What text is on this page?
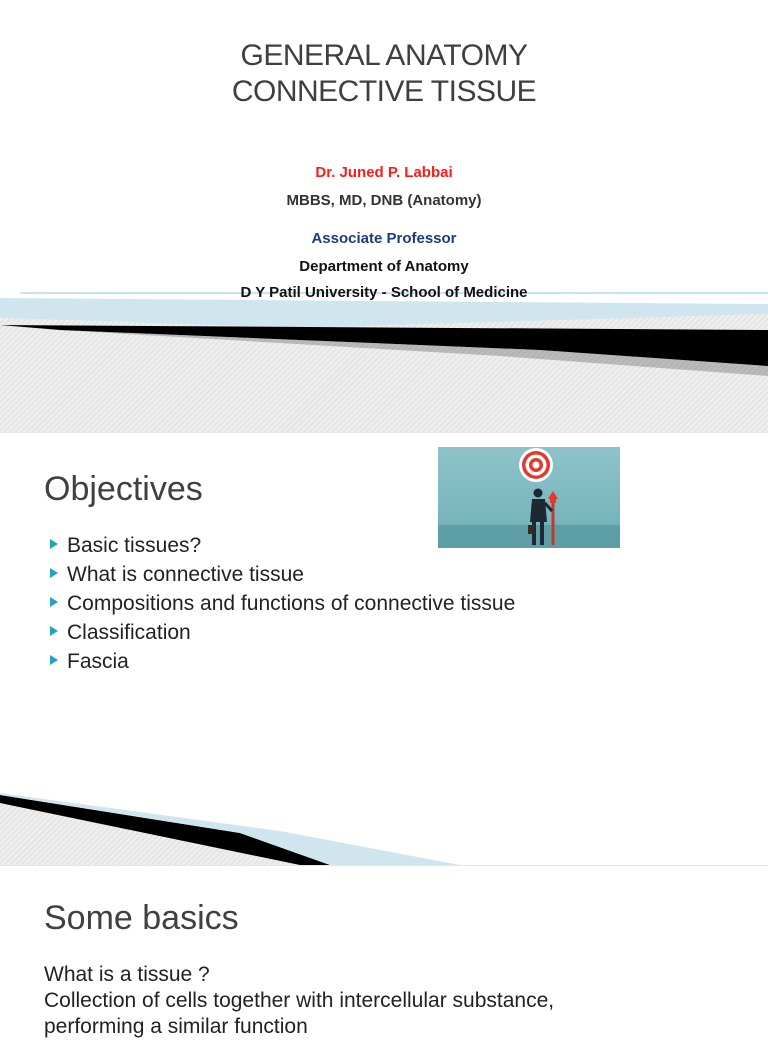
GENERAL ANATOMY
CONNECTIVE TISSUE
Dr. Juned P. Labbai
MBBS, MD, DNB (Anatomy)
Associate Professor
Department of Anatomy
D Y Patil University - School of Medicine
Objectives
Basic tissues?
What is connective tissue
Compositions and functions of connective tissue
Classification
Fascia
Some basics
What is a tissue ?
Collection of cells together with intercellular substance,
performing a similar function
